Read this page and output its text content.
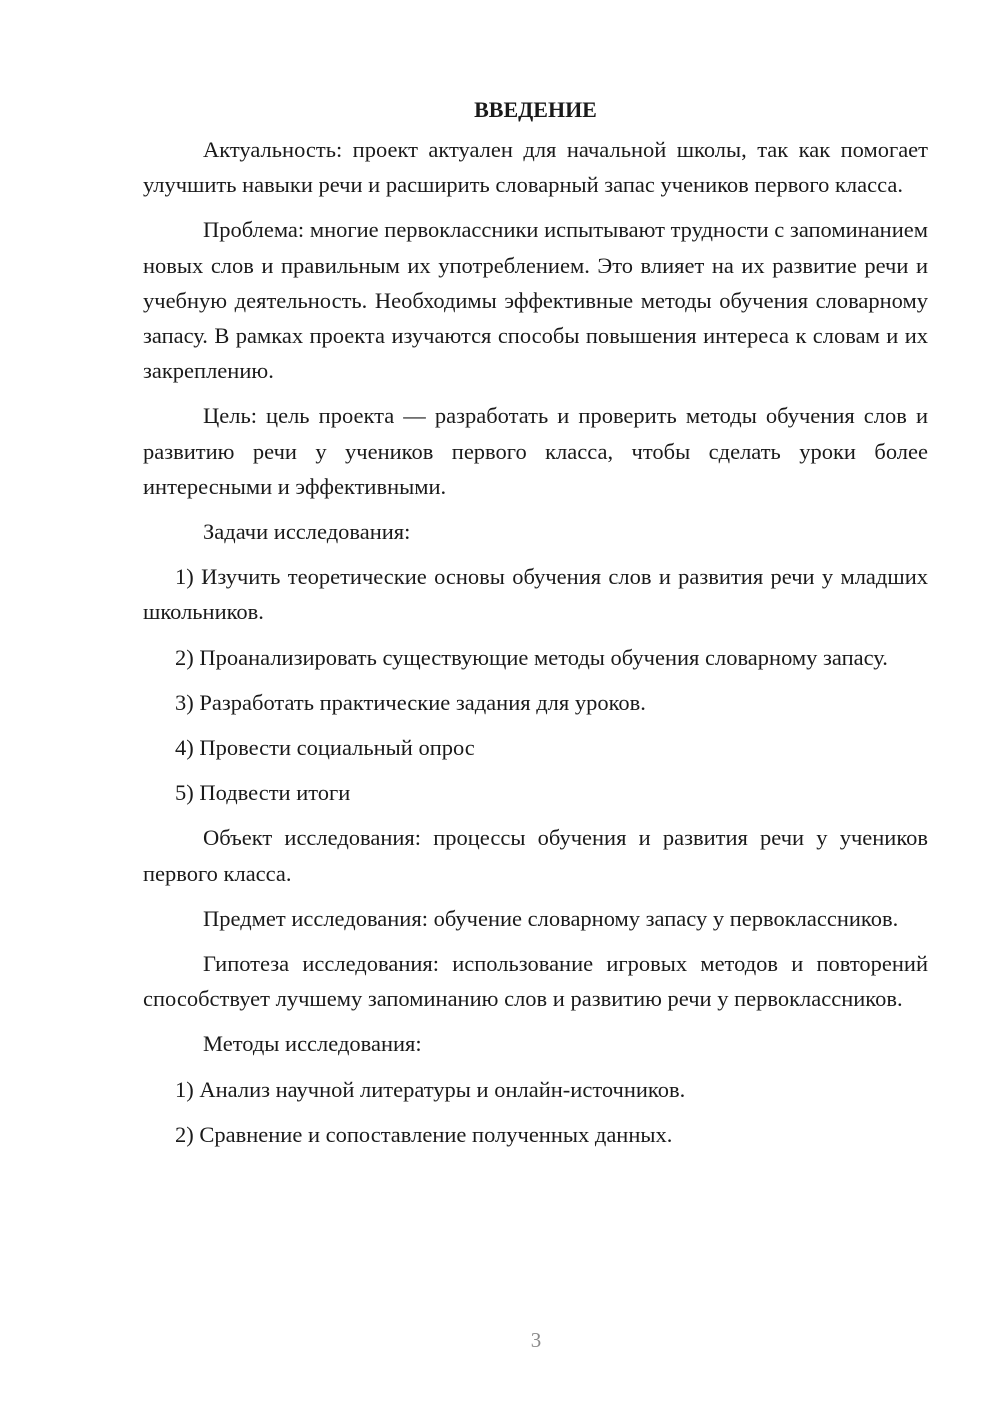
ВВЕДЕНИЕ

Актуальность: проект актуален для начальной школы, так как помогает улучшить навыки речи и расширить словарный запас учеников первого класса.

Проблема: многие первоклассники испытывают трудности с запоминанием новых слов и правильным их употреблением. Это влияет на их развитие речи и учебную деятельность. Необходимы эффективные методы обучения словарному запасу. В рамках проекта изучаются способы повышения интереса к словам и их закреплению.

Цель: цель проекта — разработать и проверить методы обучения слов и развитию речи у учеников первого класса, чтобы сделать уроки более интересными и эффективными.

Задачи исследования:

1) Изучить теоретические основы обучения слов и развития речи у младших школьников.

2) Проанализировать существующие методы обучения словарному запасу.

3) Разработать практические задания для уроков.

4) Провести социальный опрос

5) Подвести итоги

Объект исследования: процессы обучения и развития речи у учеников первого класса.

Предмет исследования: обучение словарному запасу у первоклассников.

Гипотеза исследования: использование игровых методов и повторений способствует лучшему запоминанию слов и развитию речи у первоклассников.

Методы исследования:

1) Анализ научной литературы и онлайн-источников.

2) Сравнение и сопоставление полученных данных.

3
